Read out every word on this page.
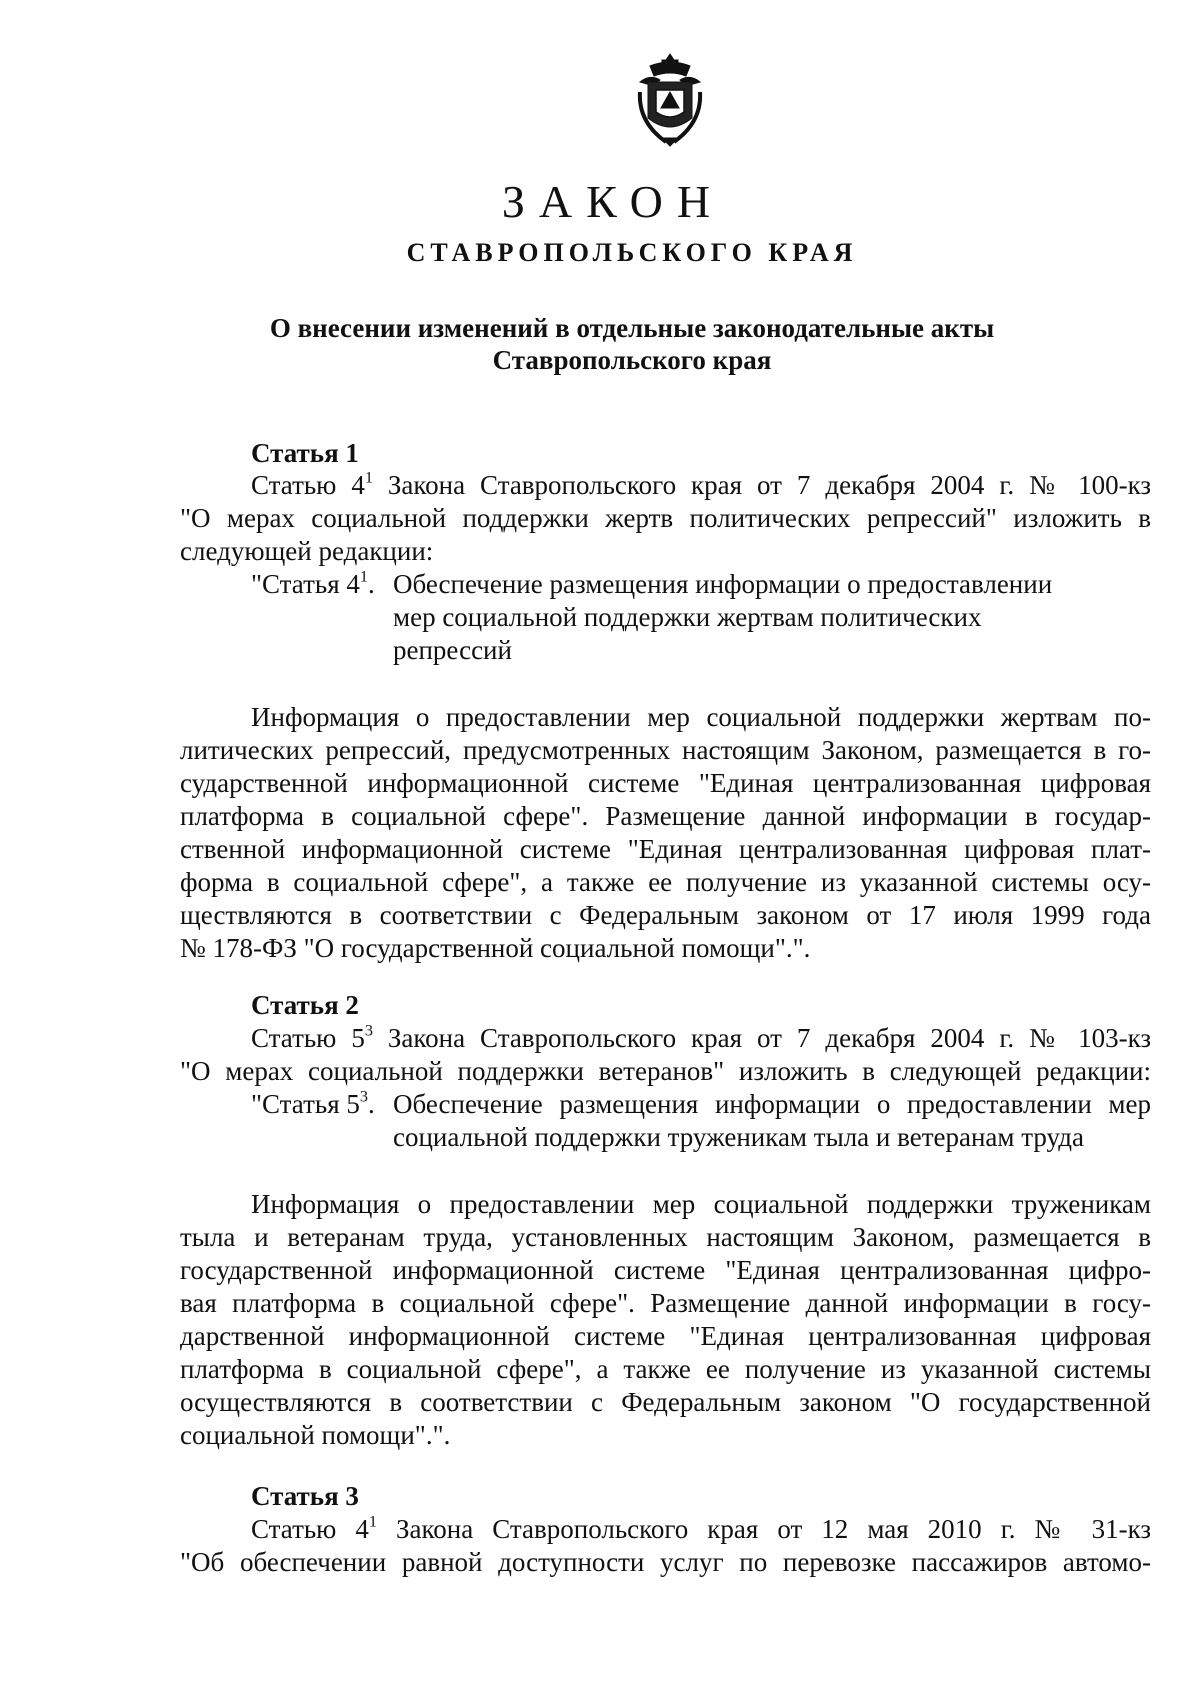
ЗАКОН
СТАВРОПОЛЬСКОГО КРАЯ
О внесении изменений в отдельные законодательные акты
Ставропольского края
Статья 1
Статью $4^1$ Закона Ставропольского края от 7 декабря 2004 г. № 100-кз
"О мерах социальной поддержки жертв политических репрессий" изложить в
следующей редакции:
"Статья $4^1$. Обеспечение размещения информации о предоставлении
мер социальной поддержки жертвам политических
репрессий
Информация о предоставлении мер социальной поддержки жертвам по-
литических репрессий, предусмотренных настоящим Законом, размещается в го-
сударственной информационной системе "Единая централизованная цифровая
платформа в социальной сфере". Размещение данной информации в государ-
ственной информационной системе "Единая централизованная цифровая плат-
форма в социальной сфере", а также ее получение из указанной системы осу-
ществляются в соответствии с Федеральным законом от 17 июля 1999 года
№ 178-ФЗ "О государственной социальной помощи".".
Статья 2
Статью $5^3$ Закона Ставропольского края от 7 декабря 2004 г. № 103-кз
"О мерах социальной поддержки ветеранов" изложить в следующей редакции:
"Статья $5^3$. Обеспечение размещения информации о предоставлении мер
социальной поддержки труженикам тыла и ветеранам труда
Информация о предоставлении мер социальной поддержки труженикам
тыла и ветеранам труда, установленных настоящим Законом, размещается в
государственной информационной системе "Единая централизованная цифро-
вая платформа в социальной сфере". Размещение данной информации в госу-
дарственной информационной системе "Единая централизованная цифровая
платформа в социальной сфере", а также ее получение из указанной системы
осуществляются в соответствии с Федеральным законом "О государственной
социальной помощи".".
Статья 3
Статью $4^1$ Закона Ставропольского края от 12 мая 2010 г. № 31-кз
"Об обеспечении равной доступности услуг по перевозке пассажиров автомо-
